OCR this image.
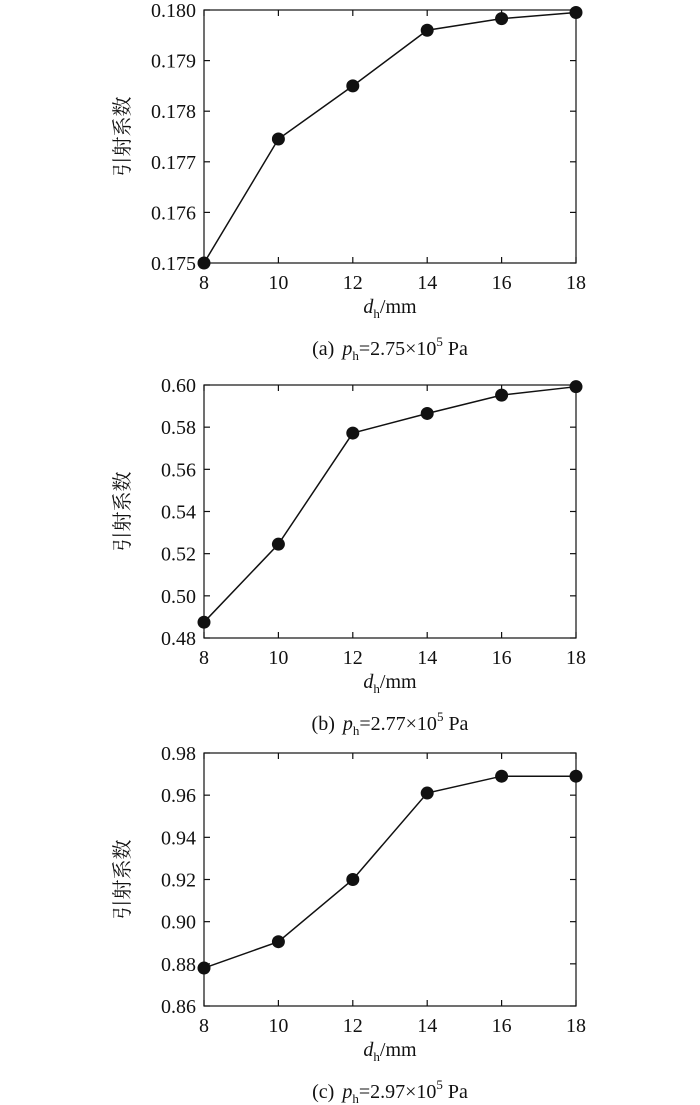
8	10	12	14	16	18
0.175
0.176
0.177
0.178
0.179
0.180
引射系数
$d_h/mm$
(a) $p_h=2.75\times 10^5$ Pa
8	10	12	14	16	18
0.48
0.50
0.52
0.54
0.56
0.58
0.60
引射系数
$d_h/mm$
(b) $p_h=2.77\times 10^5$ Pa
8	10	12	14	16	18
0.86
0.88
0.90
0.92
0.94
0.96
0.98
引射系数
$d_h/mm$
(c) $p_h=2.97\times 10^5$ Pa
